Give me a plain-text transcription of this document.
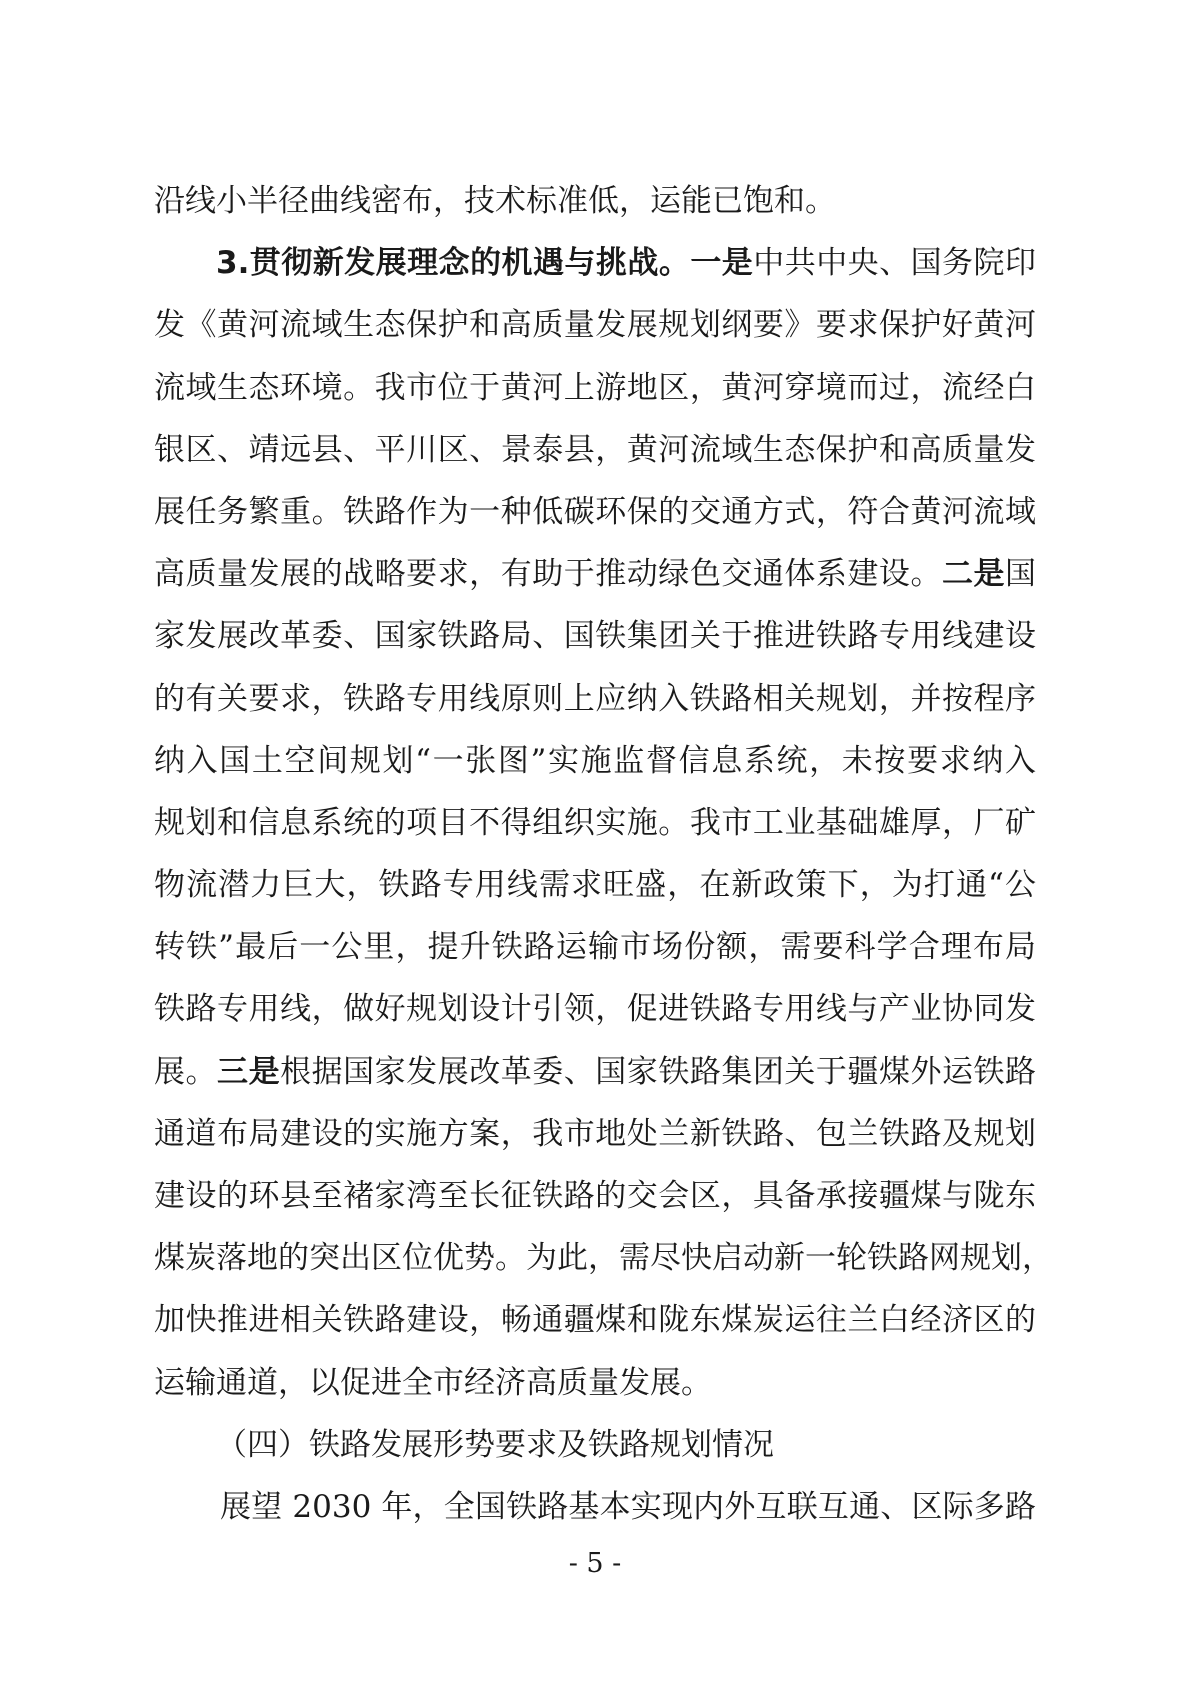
沿线小半径曲线密布，技术标准低，运能已饱和。
3.贯彻新发展理念的机遇与挑战。一是中共中央、国务院印
发《黄河流域生态保护和高质量发展规划纲要》要求保护好黄河
流域生态环境。我市位于黄河上游地区，黄河穿境而过，流经白
银区、靖远县、平川区、景泰县，黄河流域生态保护和高质量发
展任务繁重。铁路作为一种低碳环保的交通方式，符合黄河流域
高质量发展的战略要求，有助于推动绿色交通体系建设。二是国
家发展改革委、国家铁路局、国铁集团关于推进铁路专用线建设
的有关要求，铁路专用线原则上应纳入铁路相关规划，并按程序
纳入国土空间规划“一张图”实施监督信息系统，未按要求纳入
规划和信息系统的项目不得组织实施。我市工业基础雄厚，厂矿
物流潜力巨大，铁路专用线需求旺盛，在新政策下，为打通“公
转铁”最后一公里，提升铁路运输市场份额，需要科学合理布局
铁路专用线，做好规划设计引领，促进铁路专用线与产业协同发
展。三是根据国家发展改革委、国家铁路集团关于疆煤外运铁路
通道布局建设的实施方案，我市地处兰新铁路、包兰铁路及规划
建设的环县至褚家湾至长征铁路的交会区，具备承接疆煤与陇东
煤炭落地的突出区位优势。为此，需尽快启动新一轮铁路网规划，
加快推进相关铁路建设，畅通疆煤和陇东煤炭运往兰白经济区的
运输通道，以促进全市经济高质量发展。
（四）铁路发展形势要求及铁路规划情况
展望 2030 年，全国铁路基本实现内外互联互通、区际多路
- 5 -
